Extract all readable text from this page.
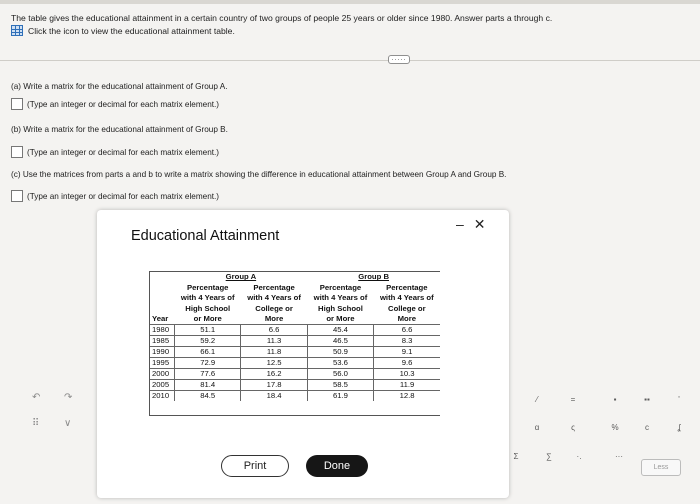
The table gives the educational attainment in a certain country of two groups of people 25 years or older since 1980. Answer parts a through c.
Click the icon to view the educational attainment table.
.....
(a) Write a matrix for the educational attainment of Group A.
(Type an integer or decimal for each matrix element.)
(b) Write a matrix for the educational attainment of Group B.
(Type an integer or decimal for each matrix element.)
(c) Use the matrices from parts a and b to write a matrix showing the difference in educational attainment between Group A and Group B.
(Type an integer or decimal for each matrix element.)
↶ ↷
⠿ ∨
⁄	=	▪	▪▪	'
ɑ	ς	%	c	ʆ
Σ	∑	·.	···
Less
Educational Attainment
– ✕
	Group A		Group B	
	Percentage	Percentage	Percentage	Percentage
	with 4 Years of	with 4 Years of	with 4 Years of	with 4 Years of
	High School	College or	High School	College or
Year	or More	More	or More	More
1980	51.1	6.6	45.4	6.6
1985	59.2	11.3	46.5	8.3
1990	66.1	11.8	50.9	9.1
1995	72.9	12.5	53.6	9.6
2000	77.6	16.2	56.0	10.3
2005	81.4	17.8	58.5	11.9
2010	84.5	18.4	61.9	12.8
Print	Done
